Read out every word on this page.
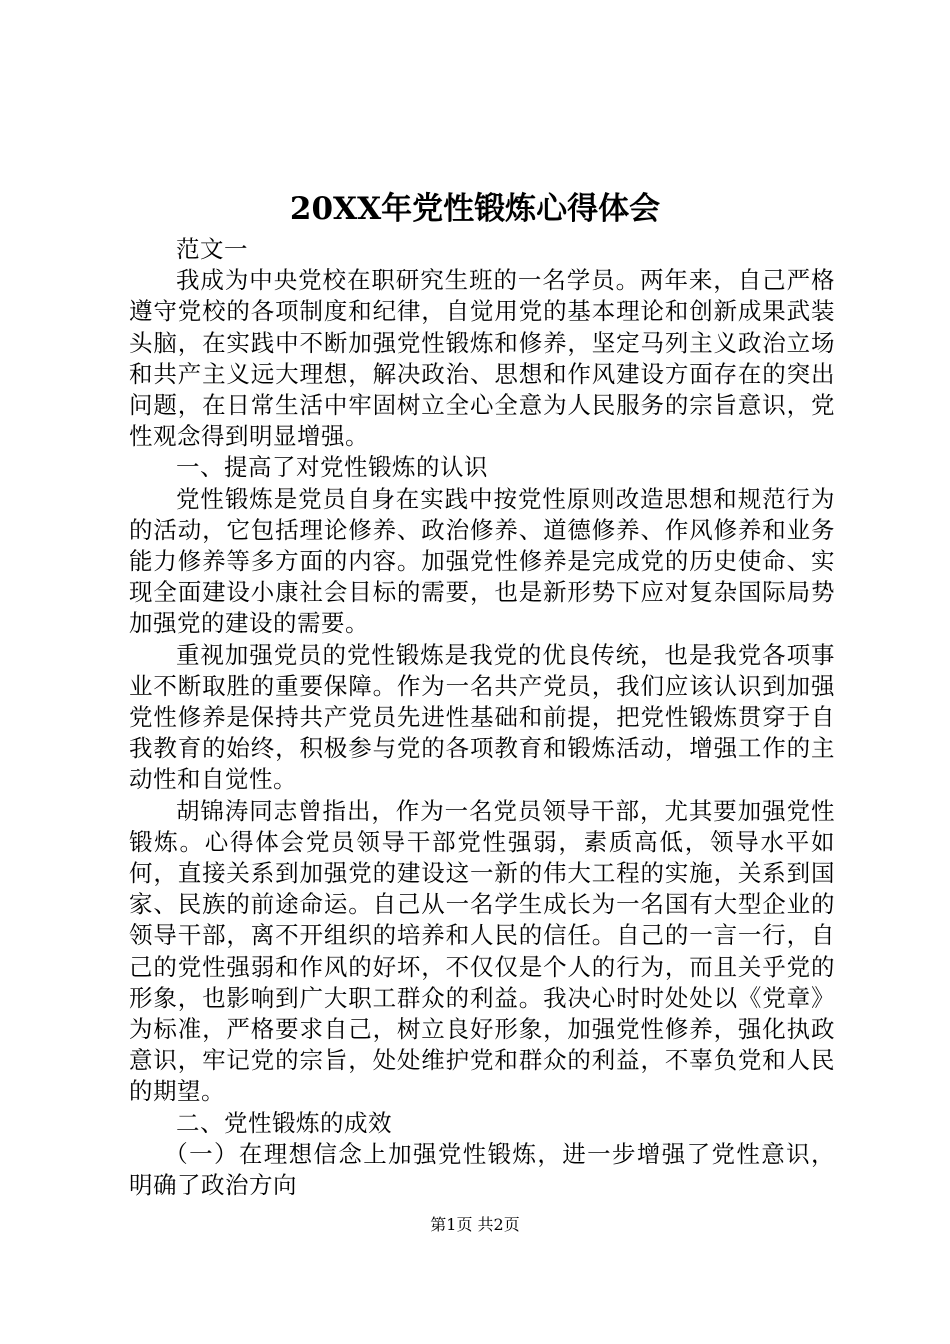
20XX年党性锻炼心得体会

范文一

我成为中央党校在职研究生班的一名学员。两年来，自己严格遵守党校的各项制度和纪律，自觉用党的基本理论和创新成果武装头脑，在实践中不断加强党性锻炼和修养，坚定马列主义政治立场和共产主义远大理想，解决政治、思想和作风建设方面存在的突出问题，在日常生活中牢固树立全心全意为人民服务的宗旨意识，党性观念得到明显增强。

一、提高了对党性锻炼的认识

党性锻炼是党员自身在实践中按党性原则改造思想和规范行为的活动，它包括理论修养、政治修养、道德修养、作风修养和业务能力修养等多方面的内容。加强党性修养是完成党的历史使命、实现全面建设小康社会目标的需要，也是新形势下应对复杂国际局势加强党的建设的需要。

重视加强党员的党性锻炼是我党的优良传统，也是我党各项事业不断取胜的重要保障。作为一名共产党员，我们应该认识到加强党性修养是保持共产党员先进性基础和前提，把党性锻炼贯穿于自我教育的始终，积极参与党的各项教育和锻炼活动，增强工作的主动性和自觉性。

胡锦涛同志曾指出，作为一名党员领导干部，尤其要加强党性锻炼。心得体会党员领导干部党性强弱，素质高低，领导水平如何，直接关系到加强党的建设这一新的伟大工程的实施，关系到国家、民族的前途命运。自己从一名学生成长为一名国有大型企业的领导干部，离不开组织的培养和人民的信任。自己的一言一行，自己的党性强弱和作风的好坏，不仅仅是个人的行为，而且关乎党的形象，也影响到广大职工群众的利益。我决心时时处处以《党章》为标准，严格要求自己，树立良好形象，加强党性修养，强化执政意识，牢记党的宗旨，处处维护党和群众的利益，不辜负党和人民的期望。

二、党性锻炼的成效

（一）在理想信念上加强党性锻炼，进一步增强了党性意识，明确了政治方向

第1页 共2页
